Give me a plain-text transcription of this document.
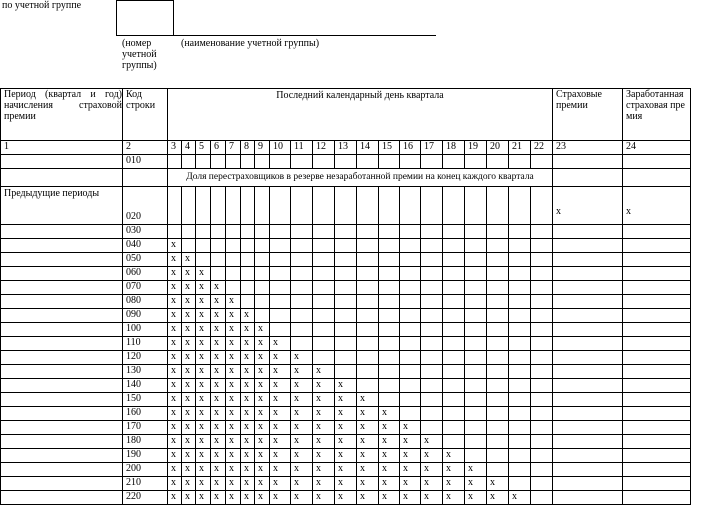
по учетной группе
(номер учетной группы)
(наименование учетной группы)
Период (квартал и год) начисления страховой премии	Код строки	Последний календарный день квартала																				Страховые премии	Заработанная страховая премия
1	2	3	4	5	6	7	8	9	10	11	12	13	14	15	16	17	18	19	20	21	22	23	24
	010																						
		Доля перестраховщиков в резерве незаработанной премии на конец каждого квартала																					
Предыдущие периоды	020																					x	x
	030																						
	040	x																					
	050	x	x																				
	060	x	x	x																			
	070	x	x	x	x																		
	080	x	x	x	x	x																	
	090	x	x	x	x	x	x																
	100	x	x	x	x	x	x	x															
	110	x	x	x	x	x	x	x	x														
	120	x	x	x	x	x	x	x	x	x													
	130	x	x	x	x	x	x	x	x	x	x												
	140	x	x	x	x	x	x	x	x	x	x	x											
	150	x	x	x	x	x	x	x	x	x	x	x	x										
	160	x	x	x	x	x	x	x	x	x	x	x	x	x									
	170	x	x	x	x	x	x	x	x	x	x	x	x	x	x								
	180	x	x	x	x	x	x	x	x	x	x	x	x	x	x	x							
	190	x	x	x	x	x	x	x	x	x	x	x	x	x	x	x	x						
	200	x	x	x	x	x	x	x	x	x	x	x	x	x	x	x	x	x					
	210	x	x	x	x	x	x	x	x	x	x	x	x	x	x	x	x	x	x				
	220	x	x	x	x	x	x	x	x	x	x	x	x	x	x	x	x	x	x	x			
